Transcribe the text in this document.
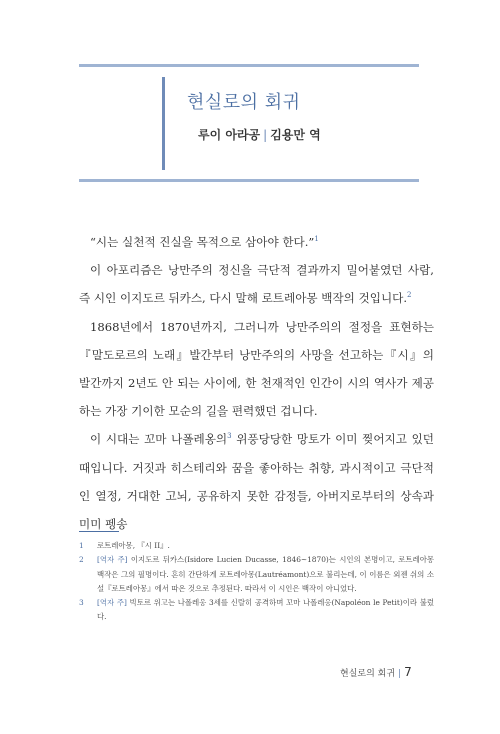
현실로의 회귀
루이 아라공 | 김용만 역

“시는 실천적 진실을 목적으로 삼아야 한다.”$^1$

이 아포리즘은 낭만주의 정신을 극단적 결과까지 밀어붙였던 사람, 즉 시인 이지도르 뒤카스, 다시 말해 로트레아몽 백작의 것입니다.$^2$

1868년에서 1870년까지, 그러니까 낭만주의의 절정을 표현하는『말도로르의 노래』발간부터 낭만주의의 사망을 선고하는『시』의 발간까지 2년도 안 되는 사이에, 한 천재적인 인간이 시의 역사가 제공하는 가장 기이한 모순의 길을 편력했던 겁니다.

이 시대는 꼬마 나폴레옹의$^3$ 위풍당당한 망토가 이미 찢어지고 있던 때입니다. 거짓과 히스테리와 꿈을 좋아하는 취향, 과시적이고 극단적인 열정, 거대한 고뇌, 공유하지 못한 감정들, 아버지로부터의 상속과 미미 펭송

1	로트레아몽, 『시 II』.
2	[역자 주] 이지도르 뒤카스(Isidore Lucien Ducasse, 1846~1870)는 시인의 본명이고, 로트레아몽 백작은 그의 필명이다. 흔히 간단하게 로트레아몽(Lautréamont)으로 불리는데, 이 이름은 외젠 쉬의 소설『로트레아몽』에서 따온 것으로 추정된다. 따라서 이 시인은 백작이 아니었다.
3	[역자 주] 빅토르 위고는 나폴레옹 3세를 신랄히 공격하며 꼬마 나폴레옹(Napoléon le Petit)이라 불렀다.
현실로의 회귀 | 7
